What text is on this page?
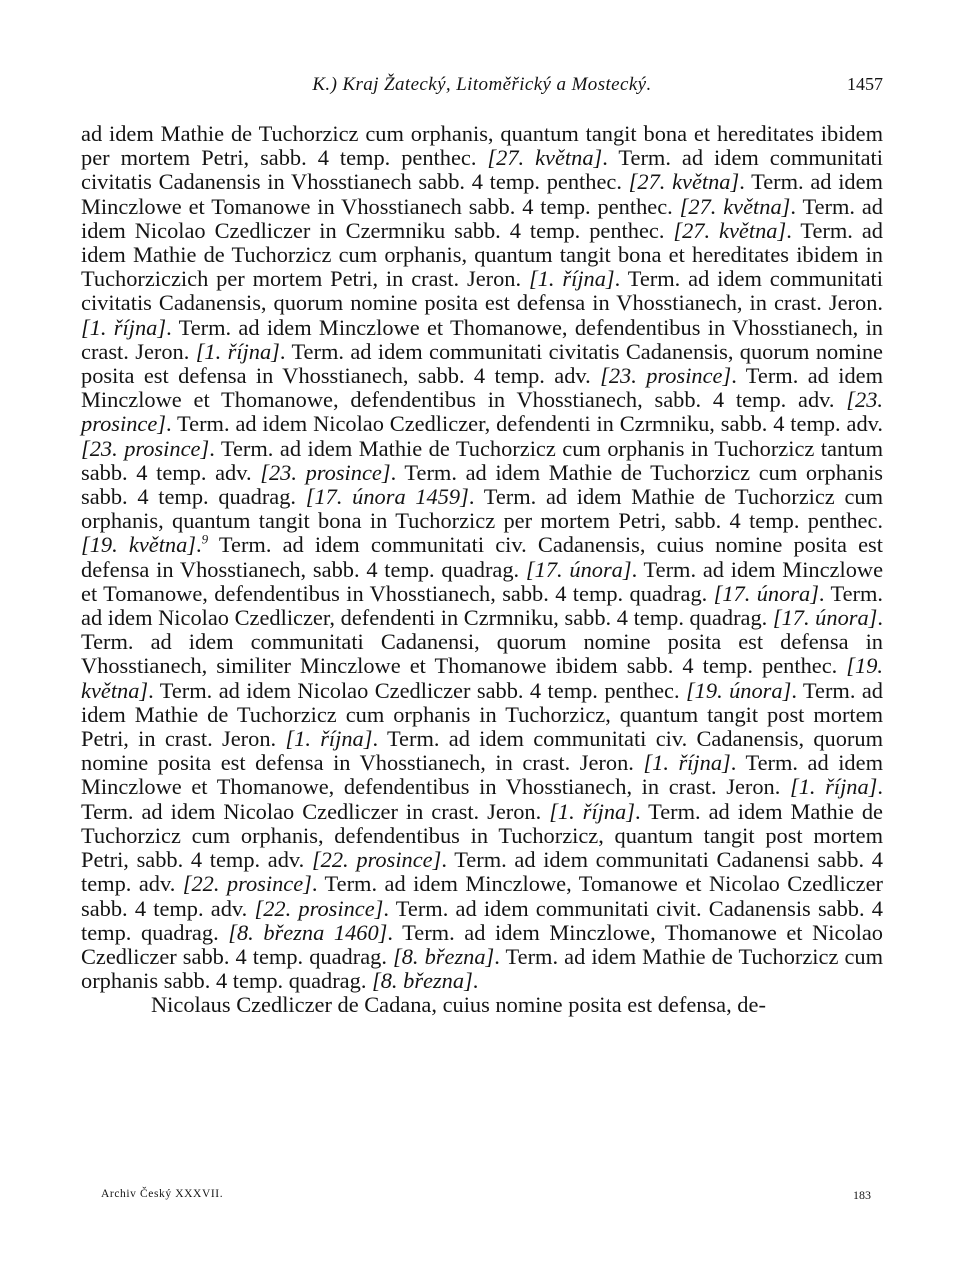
K.) Kraj Žatecký, Litoměřický a Mostecký.	1457

ad idem Mathie de Tuchorzicz cum orphanis, quantum tangit bona et hereditates ibidem per mortem Petri, sabb. 4 temp. penthec. [27. května]. Term. ad idem communitati civitatis Cadanensis in Vhosstianech sabb. 4 temp. penthec. [27. května]. Term. ad idem Minczlowe et Tomanowe in Vhosstianech sabb. 4 temp. penthec. [27. května]. Term. ad idem Nicolao Czedliczer in Czermniku sabb. 4 temp. penthec. [27. května]. Term. ad idem Mathie de Tuchorzicz cum orphanis, quantum tangit bona et hereditates ibidem in Tuchorziczich per mortem Petri, in crast. Jeron. [1. října]. Term. ad idem communitati civitatis Cadanensis, quorum nomine posita est defensa in Vhosstianech, in crast. Jeron. [1. října]. Term. ad idem Minczlowe et Thomanowe, defendentibus in Vhosstianech, in crast. Jeron. [1. října]. Term. ad idem communitati civitatis Cadanensis, quorum nomine posita est defensa in Vhosstianech, sabb. 4 temp. adv. [23. prosince]. Term. ad idem Minczlowe et Thomanowe, defendentibus in Vhosstianech, sabb. 4 temp. adv. [23. prosince]. Term. ad idem Nicolao Czedliczer, defendenti in Czrmniku, sabb. 4 temp. adv. [23. prosince]. Term. ad idem Mathie de Tuchorzicz cum orphanis in Tuchorzicz tantum sabb. 4 temp. adv. [23. prosince]. Term. ad idem Mathie de Tuchorzicz cum orphanis sabb. 4 temp. quadrag. [17. února 1459]. Term. ad idem Mathie de Tuchorzicz cum orphanis, quantum tangit bona in Tuchorzicz per mortem Petri, sabb. 4 temp. penthec. [19. května].$^9$ Term. ad idem communitati civ. Cadanensis, cuius nomine posita est defensa in Vhosstianech, sabb. 4 temp. quadrag. [17. února]. Term. ad idem Minczlowe et Tomanowe, defendentibus in Vhosstianech, sabb. 4 temp. quadrag. [17. února]. Term. ad idem Nicolao Czedliczer, defendenti in Czrmniku, sabb. 4 temp. quadrag. [17. února]. Term. ad idem communitati Cadanensi, quorum nomine posita est defensa in Vhosstianech, similiter Minczlowe et Thomanowe ibidem sabb. 4 temp. penthec. [19. května]. Term. ad idem Nicolao Czedliczer sabb. 4 temp. penthec. [19. února]. Term. ad idem Mathie de Tuchorzicz cum orphanis in Tuchorzicz, quantum tangit post mortem Petri, in crast. Jeron. [1. října]. Term. ad idem communitati civ. Cadanensis, quorum nomine posita est defensa in Vhosstianech, in crast. Jeron. [1. října]. Term. ad idem Minczlowe et Thomanowe, defendentibus in Vhosstianech, in crast. Jeron. [1. října]. Term. ad idem Nicolao Czedliczer in crast. Jeron. [1. října]. Term. ad idem Mathie de Tuchorzicz cum orphanis, defendentibus in Tuchorzicz, quantum tangit post mortem Petri, sabb. 4 temp. adv. [22. prosince]. Term. ad idem communitati Cadanensi sabb. 4 temp. adv. [22. prosince]. Term. ad idem Minczlowe, Tomanowe et Nicolao Czedliczer sabb. 4 temp. adv. [22. prosince]. Term. ad idem communitati civit. Cadanensis sabb. 4 temp. quadrag. [8. března 1460]. Term. ad idem Minczlowe, Thomanowe et Nicolao Czedliczer sabb. 4 temp. quadrag. [8. března]. Term. ad idem Mathie de Tuchorzicz cum orphanis sabb. 4 temp. quadrag. [8. března].

Nicolaus Czedliczer de Cadana, cuius nomine posita est defensa, de-

Archiv Český XXXVII.	183
